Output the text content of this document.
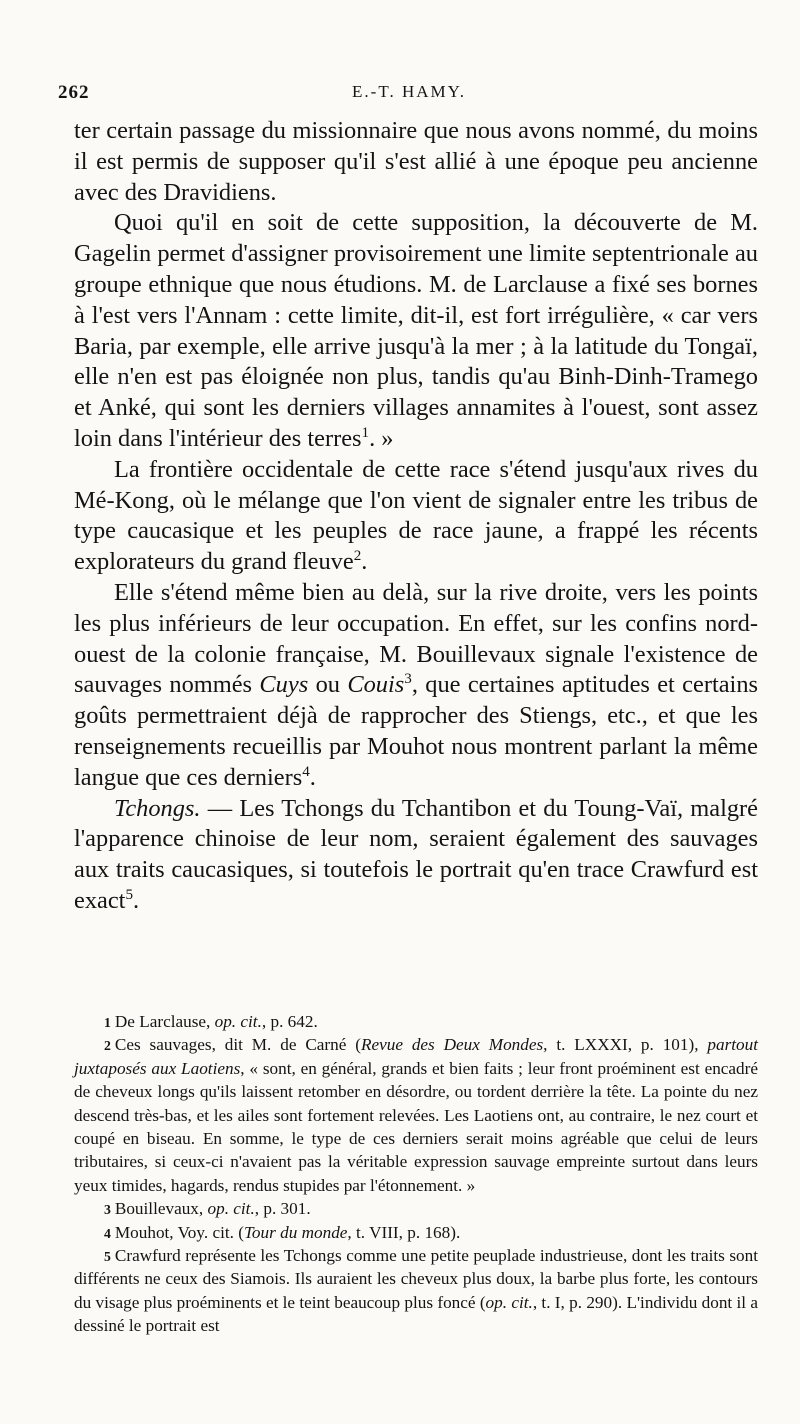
262	E.-T. HAMY.

ter certain passage du missionnaire que nous avons nommé, du moins il est permis de supposer qu'il s'est allié à une époque peu ancienne avec des Dravidiens.

Quoi qu'il en soit de cette supposition, la découverte de M. Gagelin permet d'assigner provisoirement une limite septentrionale au groupe ethnique que nous étudions. M. de Larclause a fixé ses bornes à l'est vers l'Annam : cette limite, dit-il, est fort irrégulière, « car vers Baria, par exemple, elle arrive jusqu'à la mer ; à la latitude du Tongaï, elle n'en est pas éloignée non plus, tandis qu'au Binh-Dinh-Tramego et Anké, qui sont les derniers villages annamites à l'ouest, sont assez loin dans l'intérieur des terres$^1$. »

La frontière occidentale de cette race s'étend jusqu'aux rives du Mé-Kong, où le mélange que l'on vient de signaler entre les tribus de type caucasique et les peuples de race jaune, a frappé les récents explorateurs du grand fleuve$^2$.

Elle s'étend même bien au delà, sur la rive droite, vers les points les plus inférieurs de leur occupation. En effet, sur les confins nord-ouest de la colonie française, M. Bouillevaux signale l'existence de sauvages nommés Cuys ou Couis$^3$, que certaines aptitudes et certains goûts permettraient déjà de rapprocher des Stiengs, etc., et que les renseignements recueillis par Mouhot nous montrent parlant la même langue que ces derniers$^4$.

Tchongs. — Les Tchongs du Tchantibon et du Toung-Vaï, malgré l'apparence chinoise de leur nom, seraient également des sauvages aux traits caucasiques, si toutefois le portrait qu'en trace Crawfurd est exact$^5$.

1 De Larclause, op. cit., p. 642.

2 Ces sauvages, dit M. de Carné (Revue des Deux Mondes, t. LXXXI, p. 101), partout juxtaposés aux Laotiens, « sont, en général, grands et bien faits ; leur front proéminent est encadré de cheveux longs qu'ils laissent retomber en désordre, ou tordent derrière la tête. La pointe du nez descend très-bas, et les ailes sont fortement relevées. Les Laotiens ont, au contraire, le nez court et coupé en biseau. En somme, le type de ces derniers serait moins agréable que celui de leurs tributaires, si ceux-ci n'avaient pas la véritable expression sauvage empreinte surtout dans leurs yeux timides, hagards, rendus stupides par l'étonnement. »

3 Bouillevaux, op. cit., p. 301.

4 Mouhot, Voy. cit. (Tour du monde, t. VIII, p. 168).

5 Crawfurd représente les Tchongs comme une petite peuplade industrieuse, dont les traits sont différents ne ceux des Siamois. Ils auraient les cheveux plus doux, la barbe plus forte, les contours du visage plus proéminents et le teint beaucoup plus foncé (op. cit., t. I, p. 290). L'individu dont il a dessiné le portrait est
